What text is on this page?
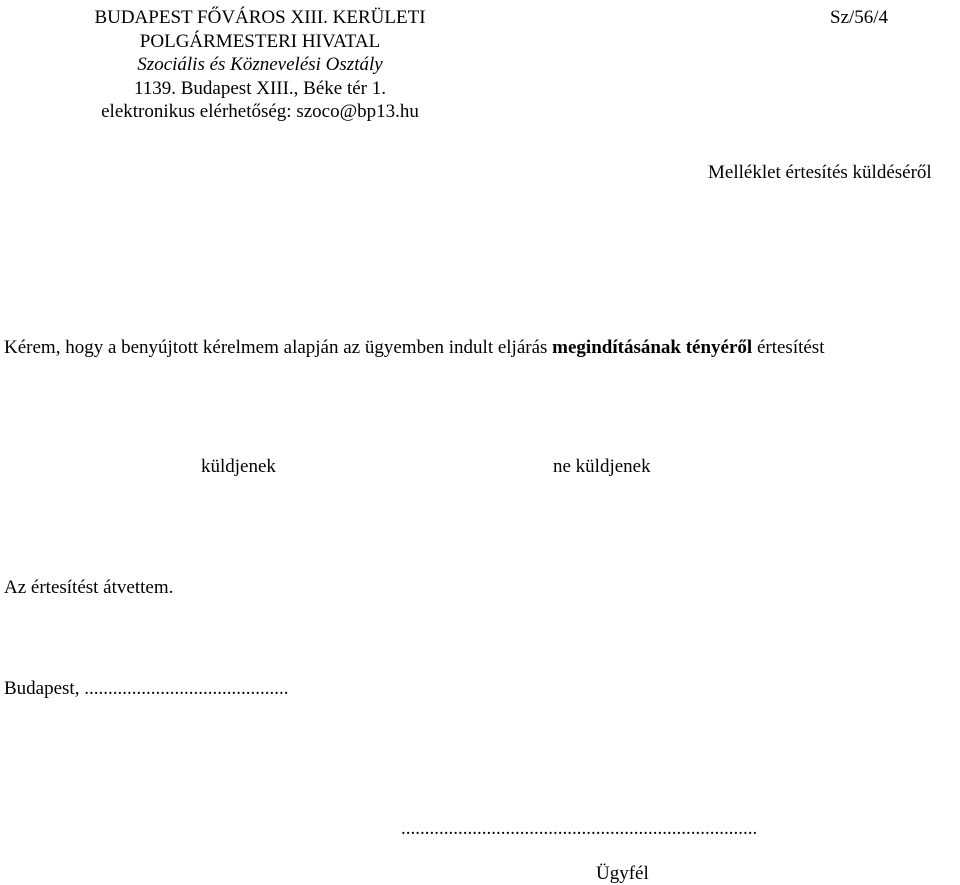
BUDAPEST FŐVÁROS XIII. KERÜLETI
POLGÁRMESTERI HIVATAL
Szociális és Köznevelési Osztály
1139. Budapest XIII., Béke tér 1.
elektronikus elérhetőség: szoco@bp13.hu
Sz/56/4
Melléklet értesítés küldéséről
Kérem, hogy a benyújtott kérelmem alapján az ügyemben indult eljárás megindításának tényéről értesítést
küldjenek	ne küldjenek
Az értesítést átvettem.
Budapest, ...........................................
...........................................................................
Ügyfél
